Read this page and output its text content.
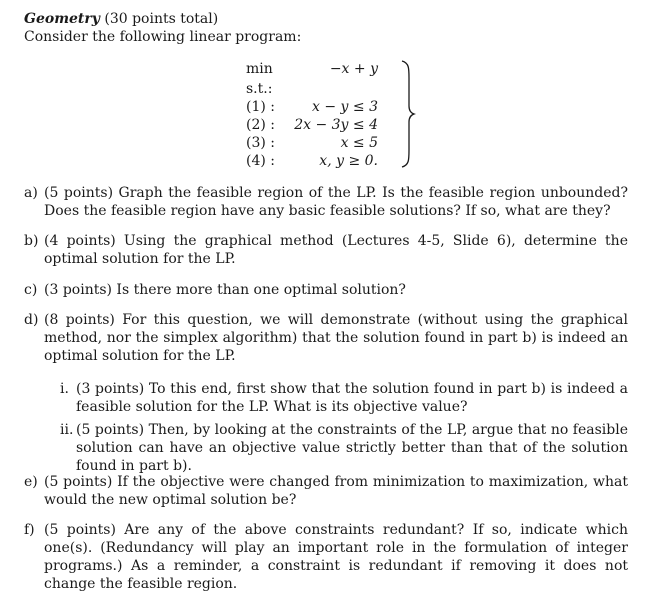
Geometry (30 points total)
Consider the following linear program:
min	−x + y
s.t.:
(1) :	x − y ≤ 3
(2) :	2x − 3y ≤ 4
(3) :	x ≤ 5
(4) :	x, y ≥ 0.
a) (5 points) Graph the feasible region of the LP. Is the feasible region unbounded? Does the feasible region have any basic feasible solutions? If so, what are they?
b) (4 points) Using the graphical method (Lectures 4-5, Slide 6), determine the optimal solution for the LP.
c) (3 points) Is there more than one optimal solution?
d) (8 points) For this question, we will demonstrate (without using the graphical method, nor the simplex algorithm) that the solution found in part b) is indeed an optimal solution for the LP.
i. (3 points) To this end, first show that the solution found in part b) is indeed a feasible solution for the LP. What is its objective value?
ii. (5 points) Then, by looking at the constraints of the LP, argue that no feasible solution can have an objective value strictly better than that of the solution found in part b).
e) (5 points) If the objective were changed from minimization to maximization, what would the new optimal solution be?
f) (5 points) Are any of the above constraints redundant? If so, indicate which one(s). (Redundancy will play an important role in the formulation of integer programs.) As a reminder, a constraint is redundant if removing it does not change the feasible region.
